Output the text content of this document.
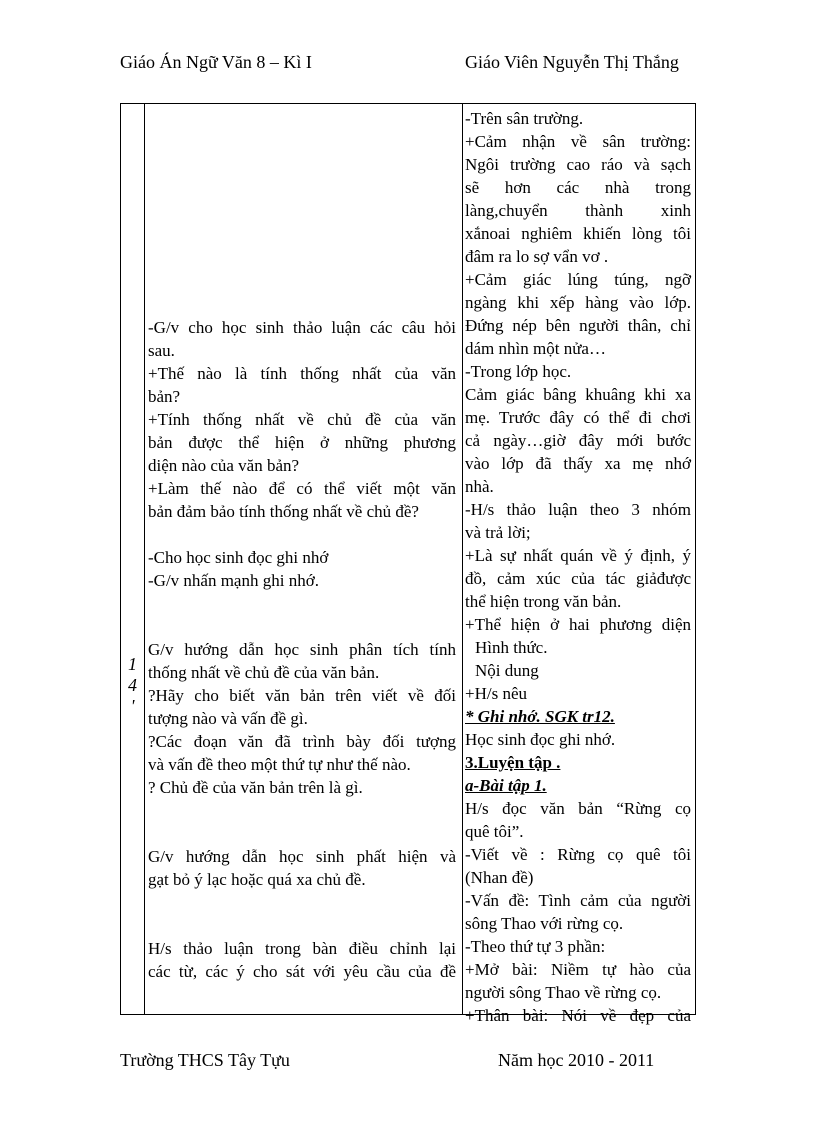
Giáo Án Ngữ Văn 8 – Kì I	Giáo Viên Nguyễn Thị Thắng
1
4
'
-G/v cho học sinh thảo luận các câu hỏi
sau.
+Thế nào là tính thống nhất của văn
bản?
+Tính thống nhất về chủ đề của văn
bản được thể hiện ở những phương
diện nào của văn bản?
+Làm thế nào để có thể viết một văn
bản đảm bảo tính thống nhất về chủ đề?
-Cho học sinh đọc ghi nhớ
-G/v nhấn mạnh ghi nhớ.
G/v hướng dẫn học sinh phân tích tính
thống nhất về chủ đề của văn bản.
?Hãy cho biết văn bản trên viết về đối
tượng nào và vấn đề gì.
?Các đoạn văn đã trình bày đối tượng
và vấn đề theo một thứ tự như thế nào.
? Chủ đề của văn bản trên là gì.
G/v hướng dẫn học sinh phất hiện và
gạt bỏ ý lạc hoặc quá xa chủ đề.
H/s thảo luận trong bàn điều chỉnh lại
các từ, các ý cho sát với yêu cầu của đề
-Trên sân trường.
+Cảm nhận về sân trường:
Ngôi trường cao ráo và sạch
sẽ hơn các nhà trong
làng,chuyển thành xinh
xắnoai nghiêm khiến lòng tôi
đâm ra lo sợ vẩn vơ .
+Cảm giác lúng túng, ngỡ
ngàng khi xếp hàng vào lớp.
Đứng nép bên người thân, chỉ
dám nhìn một nửa…
-Trong lớp học.
Cảm giác bâng khuâng khi xa
mẹ. Trước đây có thể đi chơi
cả ngày…giờ đây mới bước
vào lớp đã thấy xa mẹ nhớ
nhà.
-H/s thảo luận theo 3 nhóm
và trả lời;
+Là sự nhất quán về ý định, ý
đồ, cảm xúc của tác giảđược
thể hiện trong văn bản.
+Thể hiện ở hai phương diện
Hình thức.
Nội dung
+H/s nêu
* Ghi nhớ. SGK tr12.
Học sinh đọc ghi nhớ.
3.Luyện tập .
a-Bài tập 1.
H/s đọc văn bản “Rừng cọ
quê tôi”.
-Viết về : Rừng cọ quê tôi
(Nhan đề)
-Vấn đề: Tình cảm của người
sông Thao với rừng cọ.
-Theo thứ tự 3 phần:
+Mở bài: Niềm tự hào của
người sông Thao về rừng cọ.
+Thân bài: Nói về đẹp của
Trường THCS Tây Tựu	Năm học 2010 - 2011
